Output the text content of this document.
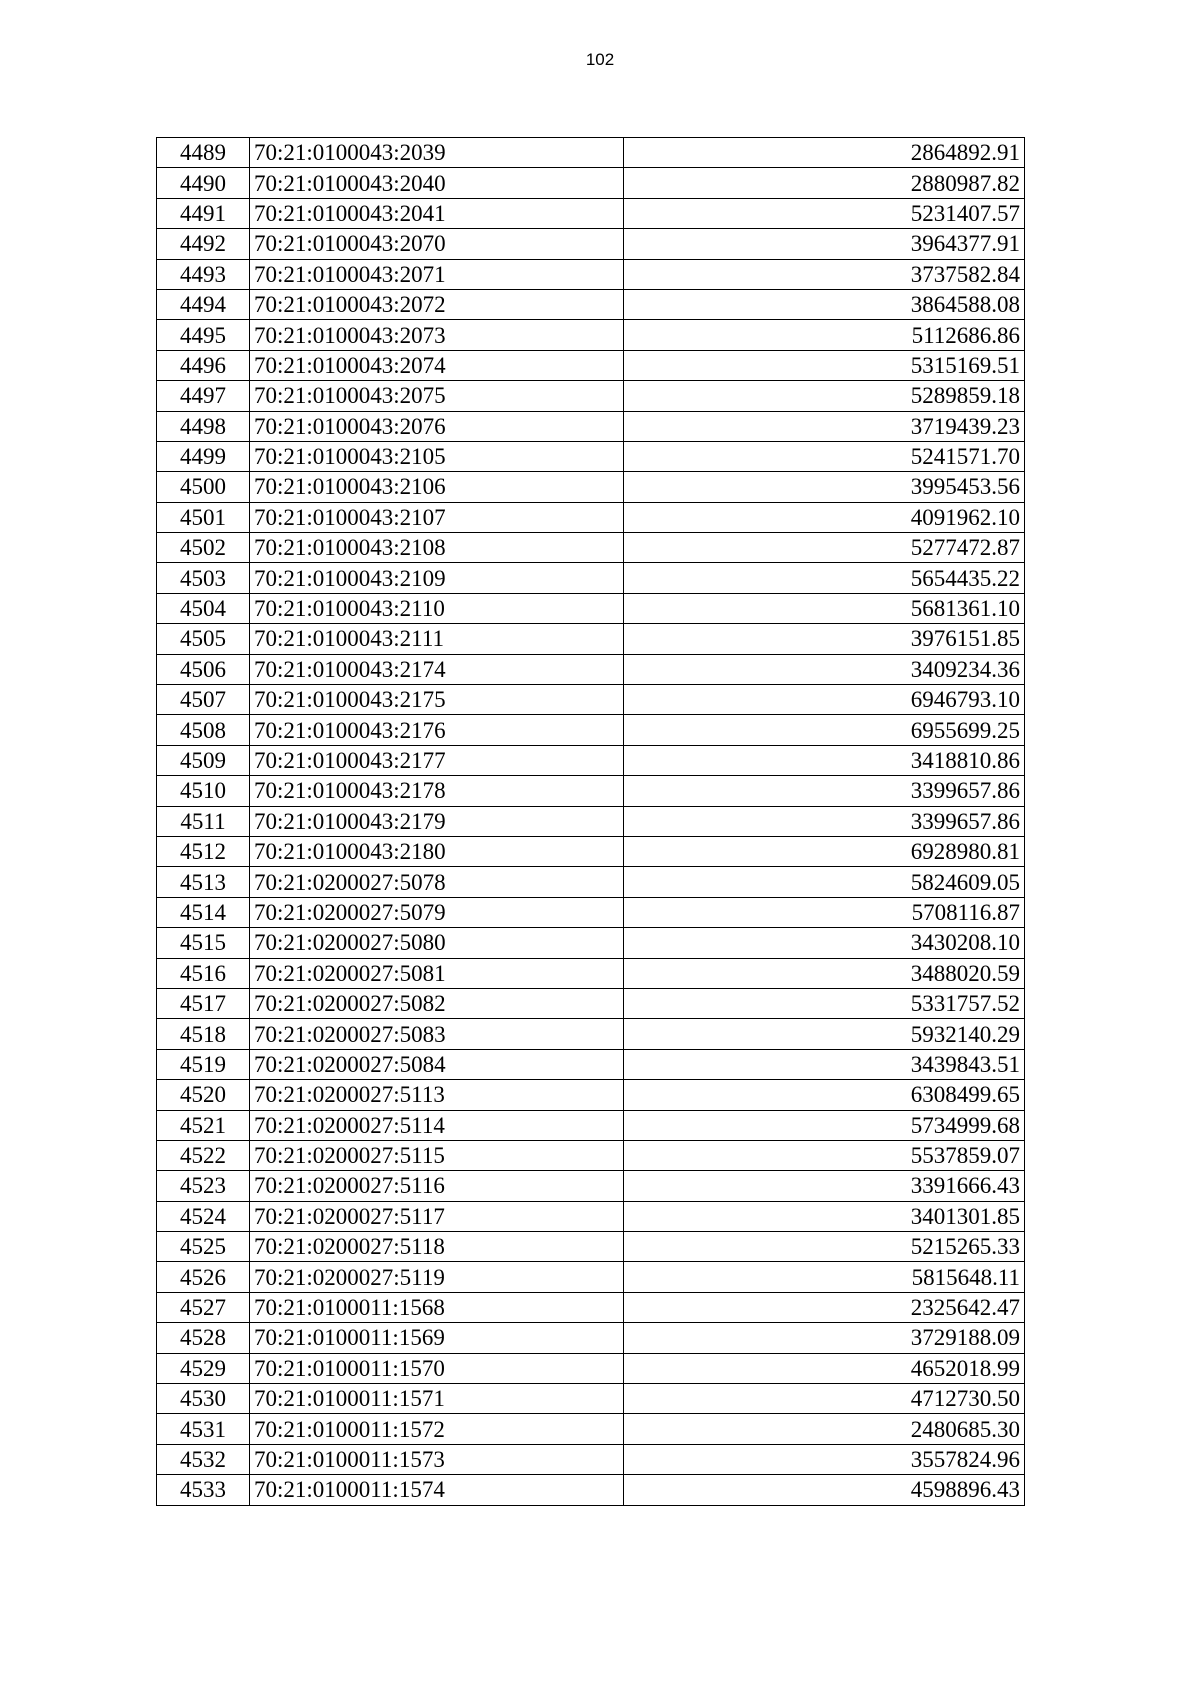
102
4489	70:21:0100043:2039	2864892.91
4490	70:21:0100043:2040	2880987.82
4491	70:21:0100043:2041	5231407.57
4492	70:21:0100043:2070	3964377.91
4493	70:21:0100043:2071	3737582.84
4494	70:21:0100043:2072	3864588.08
4495	70:21:0100043:2073	5112686.86
4496	70:21:0100043:2074	5315169.51
4497	70:21:0100043:2075	5289859.18
4498	70:21:0100043:2076	3719439.23
4499	70:21:0100043:2105	5241571.70
4500	70:21:0100043:2106	3995453.56
4501	70:21:0100043:2107	4091962.10
4502	70:21:0100043:2108	5277472.87
4503	70:21:0100043:2109	5654435.22
4504	70:21:0100043:2110	5681361.10
4505	70:21:0100043:2111	3976151.85
4506	70:21:0100043:2174	3409234.36
4507	70:21:0100043:2175	6946793.10
4508	70:21:0100043:2176	6955699.25
4509	70:21:0100043:2177	3418810.86
4510	70:21:0100043:2178	3399657.86
4511	70:21:0100043:2179	3399657.86
4512	70:21:0100043:2180	6928980.81
4513	70:21:0200027:5078	5824609.05
4514	70:21:0200027:5079	5708116.87
4515	70:21:0200027:5080	3430208.10
4516	70:21:0200027:5081	3488020.59
4517	70:21:0200027:5082	5331757.52
4518	70:21:0200027:5083	5932140.29
4519	70:21:0200027:5084	3439843.51
4520	70:21:0200027:5113	6308499.65
4521	70:21:0200027:5114	5734999.68
4522	70:21:0200027:5115	5537859.07
4523	70:21:0200027:5116	3391666.43
4524	70:21:0200027:5117	3401301.85
4525	70:21:0200027:5118	5215265.33
4526	70:21:0200027:5119	5815648.11
4527	70:21:0100011:1568	2325642.47
4528	70:21:0100011:1569	3729188.09
4529	70:21:0100011:1570	4652018.99
4530	70:21:0100011:1571	4712730.50
4531	70:21:0100011:1572	2480685.30
4532	70:21:0100011:1573	3557824.96
4533	70:21:0100011:1574	4598896.43
